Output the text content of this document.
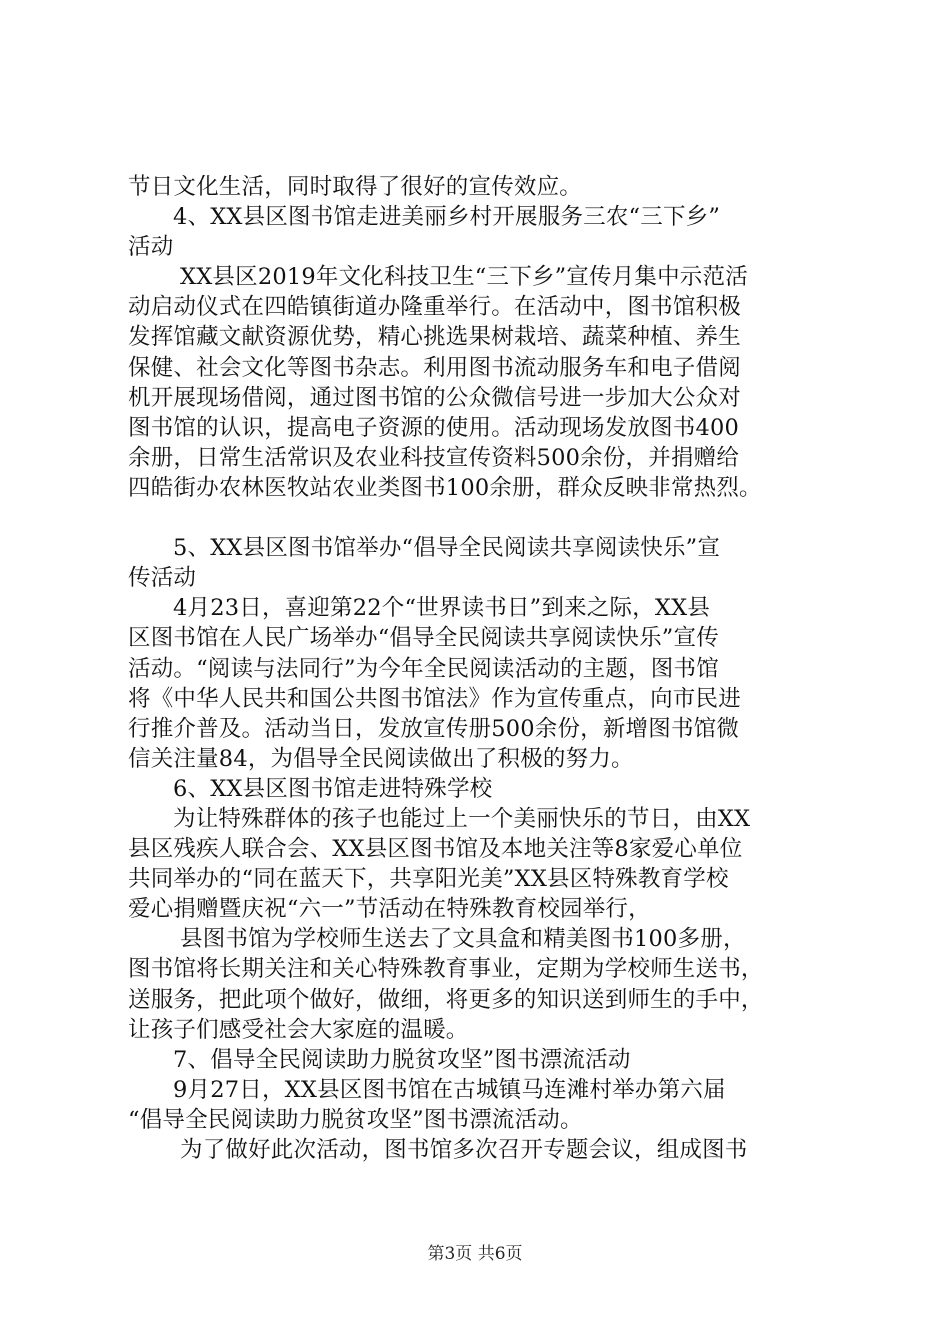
节日文化生活，同时取得了很好的宣传效应。
4、XX县区图书馆走进美丽乡村开展服务三农“三下乡”
活动
XX县区2019年文化科技卫生“三下乡”宣传月集中示范活
动启动仪式在四皓镇街道办隆重举行。在活动中，图书馆积极
发挥馆藏文献资源优势，精心挑选果树栽培、蔬菜种植、养生
保健、社会文化等图书杂志。利用图书流动服务车和电子借阅
机开展现场借阅，通过图书馆的公众微信号进一步加大公众对
图书馆的认识，提高电子资源的使用。活动现场发放图书400
余册，日常生活常识及农业科技宣传资料500余份，并捐赠给
四皓街办农林医牧站农业类图书100余册，群众反映非常热烈。
5、XX县区图书馆举办“倡导全民阅读共享阅读快乐”宣
传活动
4月23日，喜迎第22个“世界读书日”到来之际，XX县
区图书馆在人民广场举办“倡导全民阅读共享阅读快乐”宣传
活动。“阅读与法同行”为今年全民阅读活动的主题，图书馆
将《中华人民共和国公共图书馆法》作为宣传重点，向市民进
行推介普及。活动当日，发放宣传册500余份，新增图书馆微
信关注量84，为倡导全民阅读做出了积极的努力。
6、XX县区图书馆走进特殊学校
为让特殊群体的孩子也能过上一个美丽快乐的节日，由XX
县区残疾人联合会、XX县区图书馆及本地关注等8家爱心单位
共同举办的“同在蓝天下，共享阳光美”XX县区特殊教育学校
爱心捐赠暨庆祝“六一”节活动在特殊教育校园举行，
县图书馆为学校师生送去了文具盒和精美图书100多册，
图书馆将长期关注和关心特殊教育事业，定期为学校师生送书，
送服务，把此项个做好，做细，将更多的知识送到师生的手中，
让孩子们感受社会大家庭的温暖。
7、倡导全民阅读助力脱贫攻坚”图书漂流活动
9月27日，XX县区图书馆在古城镇马连滩村举办第六届
“倡导全民阅读助力脱贫攻坚”图书漂流活动。
为了做好此次活动，图书馆多次召开专题会议，组成图书
第3页 共6页
